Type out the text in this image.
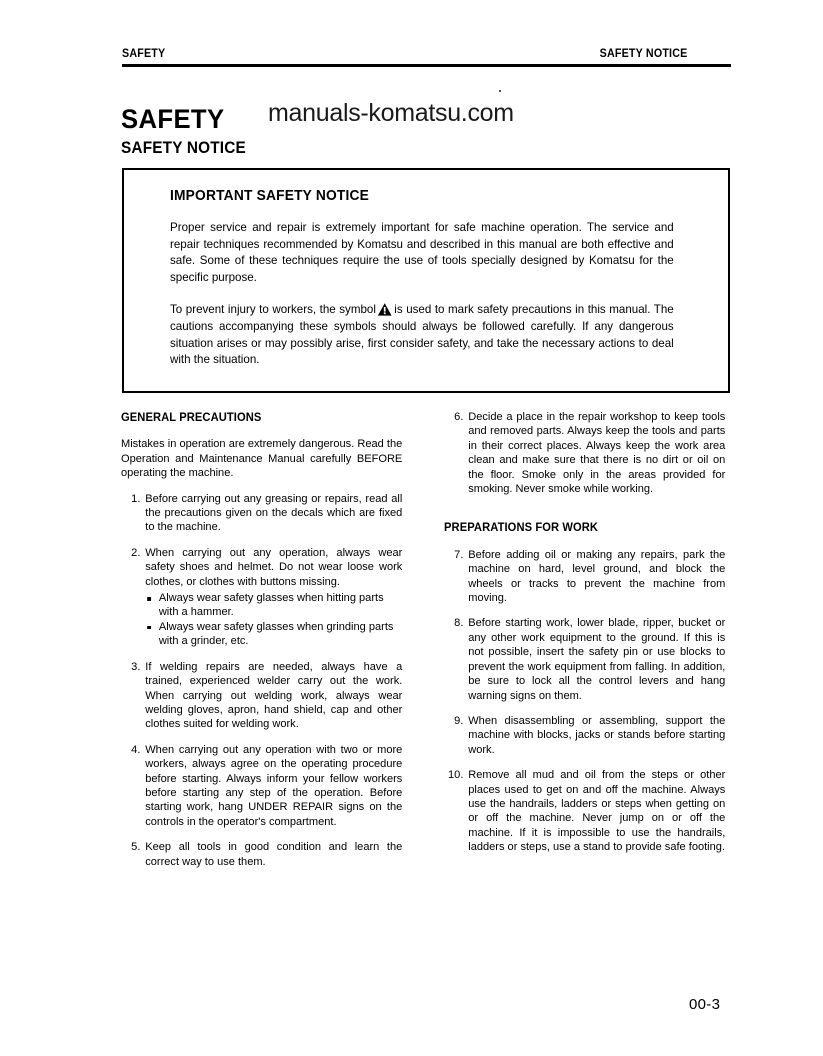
SAFETY	SAFETY NOTICE
manuals-komatsu.com
SAFETY
SAFETY NOTICE
IMPORTANT SAFETY NOTICE

Proper service and repair is extremely important for safe machine operation. The service and repair techniques recommended by Komatsu and described in this manual are both effective and safe. Some of these techniques require the use of tools specially designed by Komatsu for the specific purpose.

To prevent injury to workers, the symbol is used to mark safety precautions in this manual. The cautions accompanying these symbols should always be followed carefully. If any dangerous situation arises or may possibly arise, first consider safety, and take the necessary actions to deal with the situation.

GENERAL PRECAUTIONS

Mistakes in operation are extremely dangerous. Read the Operation and Maintenance Manual carefully BEFORE operating the machine.

1. Before carrying out any greasing or repairs, read all the precautions given on the decals which are fixed to the machine.
2. When carrying out any operation, always wear safety shoes and helmet. Do not wear loose work clothes, or clothes with buttons missing.
Always wear safety glasses when hitting parts with a hammer.
Always wear safety glasses when grinding parts with a grinder, etc.
3. If welding repairs are needed, always have a trained, experienced welder carry out the work. When carrying out welding work, always wear welding gloves, apron, hand shield, cap and other clothes suited for welding work.
4. When carrying out any operation with two or more workers, always agree on the operating procedure before starting. Always inform your fellow workers before starting any step of the operation. Before starting work, hang UNDER REPAIR signs on the controls in the operator's compartment.
5. Keep all tools in good condition and learn the correct way to use them.
6. Decide a place in the repair workshop to keep tools and removed parts. Always keep the tools and parts in their correct places. Always keep the work area clean and make sure that there is no dirt or oil on the floor. Smoke only in the areas provided for smoking. Never smoke while working.
PREPARATIONS FOR WORK
7. Before adding oil or making any repairs, park the machine on hard, level ground, and block the wheels or tracks to prevent the machine from moving.
8. Before starting work, lower blade, ripper, bucket or any other work equipment to the ground. If this is not possible, insert the safety pin or use blocks to prevent the work equipment from falling. In addition, be sure to lock all the control levers and hang warning signs on them.
9. When disassembling or assembling, support the machine with blocks, jacks or stands before starting work.
10. Remove all mud and oil from the steps or other places used to get on and off the machine. Always use the handrails, ladders or steps when getting on or off the machine. Never jump on or off the machine. If it is impossible to use the handrails, ladders or steps, use a stand to provide safe footing.
00-3
